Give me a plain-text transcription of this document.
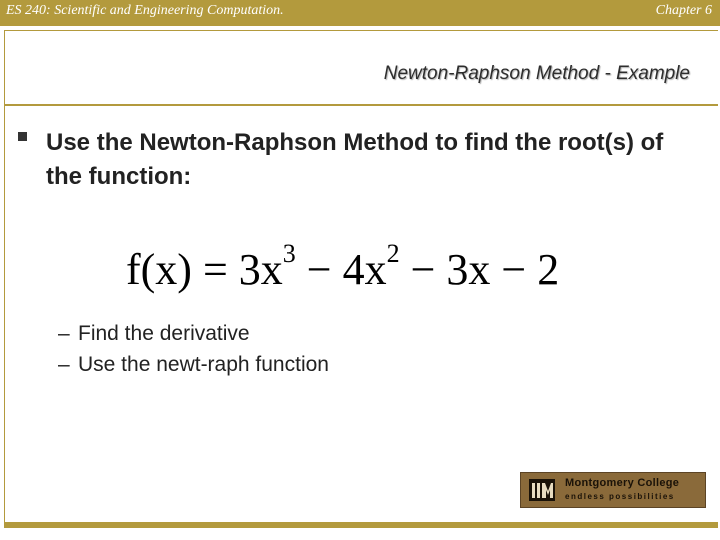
ES 240: Scientific and Engineering Computation.	Chapter 6
Newton-Raphson Method - Example
Use the Newton-Raphson Method to find the root(s) of the function:
$f(x) = 3x^3 - 4x^2 - 3x - 2$
– Find the derivative
– Use the newt-raph function
Montgomery College
endless possibilities
